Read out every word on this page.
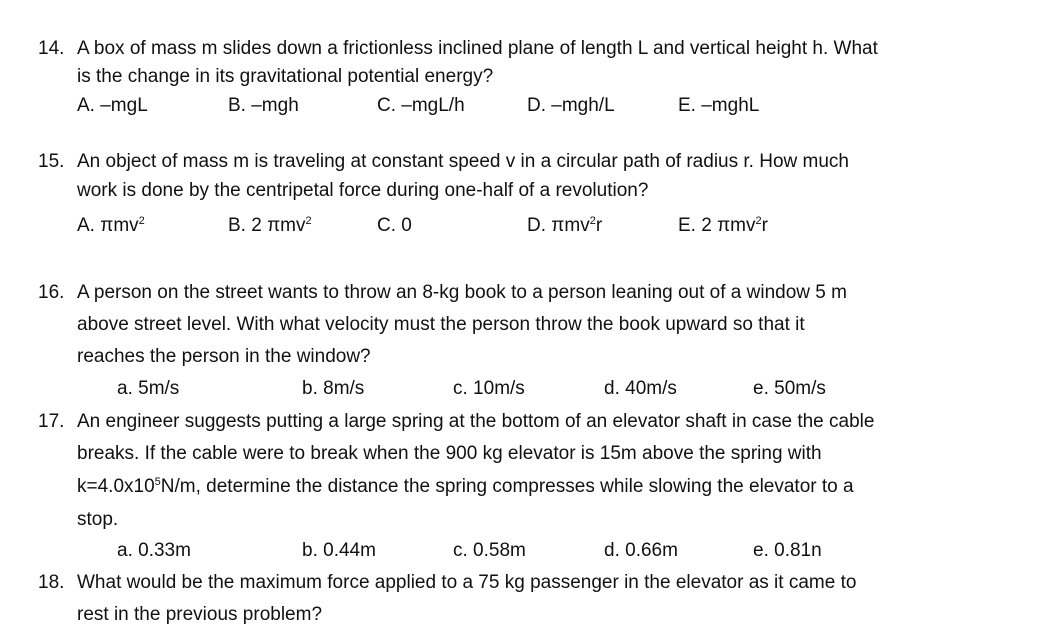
14. A box of mass m slides down a frictionless inclined plane of length L and vertical height h. What
is the change in its gravitational potential energy?
A. –mgL	B. –mgh	C. –mgL/h	D. –mgh/L	E. –mghL
15. An object of mass m is traveling at constant speed v in a circular path of radius r. How much
work is done by the centripetal force during one-half of a revolution?
A. πmv$^2$	B. 2 πmv$^2$	C. 0	D. πmv$^2$r	E. 2 πmv$^2$r
16. A person on the street wants to throw an 8-kg book to a person leaning out of a window 5 m
above street level. With what velocity must the person throw the book upward so that it
reaches the person in the window?
a. 5m/s	b. 8m/s	c. 10m/s	d. 40m/s	e. 50m/s
17. An engineer suggests putting a large spring at the bottom of an elevator shaft in case the cable
breaks. If the cable were to break when the 900 kg elevator is 15m above the spring with
$k=4.0x10^5N/m$, determine the distance the spring compresses while slowing the elevator to a
stop.
a. 0.33m	b. 0.44m	c. 0.58m	d. 0.66m	e. 0.81n
18. What would be the maximum force applied to a 75 kg passenger in the elevator as it came to
rest in the previous problem?
